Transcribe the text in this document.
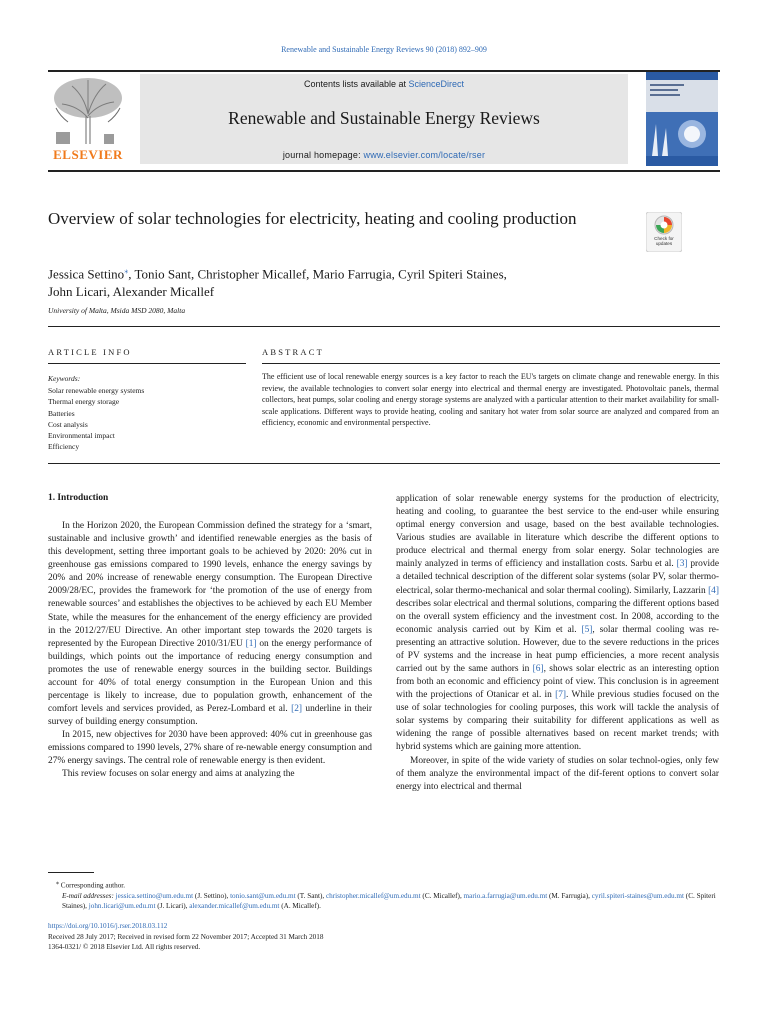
Renewable and Sustainable Energy Reviews 90 (2018) 892–909
ELSEVIER
Contents lists available at ScienceDirect
Renewable and Sustainable Energy Reviews
journal homepage: www.elsevier.com/locate/rser
Overview of solar technologies for electricity, heating and cooling production
Check for
updates
Jessica Settino⁎, Tonio Sant, Christopher Micallef, Mario Farrugia, Cyril Spiteri Staines,
John Licari, Alexander Micallef
University of Malta, Msida MSD 2080, Malta
ARTICLE INFO
Keywords:
Solar renewable energy systems
Thermal energy storage
Batteries
Cost analysis
Environmental impact
Efficiency
ABSTRACT
The efficient use of local renewable energy sources is a key factor to reach the EU's targets on climate change and renewable energy. In this review, the available technologies to convert solar energy into electrical and thermal energy are investigated. Photovoltaic panels, thermal collectors, heat pumps, solar cooling and energy storage systems are analyzed with a particular attention to their market availability for small-scale applications. Different ways to provide heating, cooling and sanitary hot water from solar source are analyzed and compared from an efficiency, economic and environmental perspective.
1. Introduction

In the Horizon 2020, the European Commission defined the strategy for a ‘smart, sustainable and inclusive growth’ and identified renewable energies as the basis of this development, setting three important goals to be achieved by 2020: 20% cut in greenhouse gas emissions compared to 1990 levels, enhance the energy savings by 20% and 20% increase of renewable energy consumption. The European Directive 2009/28/EC, provides the framework for ‘the promotion of the use of energy from renewable sources’ and establishes the objectives to be achieved by each EU Member State, while the measures for the enhancement of the energy efficiency are provided in the 2012/27/EU Directive. An other important step towards the 2020 targets is represented by the European Directive 2010/31/EU [1] on the energy performance of buildings, which points out the importance of reducing energy consumption and promotes the use of renewable energy sources in the building sector. Buildings account for 40% of total energy consumption in the European Union and this percentage is likely to increase, due to population growth, enhancement of the comfort levels and services provided, as Perez-Lombard et al. [2] underline in their survey of building energy consumption.

In 2015, new objectives for 2030 have been approved: 40% cut in greenhouse gas emissions compared to 1990 levels, 27% share of re-newable energy consumption and 27% energy savings. The central role of renewable energy is then evident.

This review focuses on solar energy and aims at analyzing the

application of solar renewable energy systems for the production of electricity, heating and cooling, to guarantee the best service to the end-user while ensuring optimal energy conversion and usage, based on the best available technologies. Various studies are available in literature which describe the different options to produce electrical and thermal energy from solar energy. Solar technologies are mainly analyzed in terms of efficiency and installation costs. Sarbu et al. [3] provide a detailed technical description of the different solar systems (solar PV, solar thermo-electrical, solar thermo-mechanical and solar thermal cooling). Similarly, Lazzarin [4] describes solar electrical and thermal solutions, comparing the different options based on the overall system efficiency and the investment cost. In 2008, according to the economic analysis carried out by Kim et al. [5], solar thermal cooling was re-presenting an attractive solution. However, due to the severe reductions in the prices of PV systems and the increase in heat pump efficiencies, a more recent analysis carried out by the same authors in [6], shows solar electric as an interesting option from both an economic and efficiency point of view. This conclusion is in agreement with the projections of Otanicar et al. in [7]. While previous studies focused on the use of solar technologies for cooling purposes, this work will tackle the analysis of solar systems by comparing their suitability for different applications as well as widening the range of possible alternatives based on recent market trends; with hybrid systems which are gaining more attention.

Moreover, in spite of the wide variety of studies on solar technol-ogies, only few of them analyze the environmental impact of the dif-ferent options to convert solar energy into electrical and thermal

⁎ Corresponding author.

E-mail addresses: jessica.settino@um.edu.mt (J. Settino), tonio.sant@um.edu.mt (T. Sant), christopher.micallef@um.edu.mt (C. Micallef), mario.a.farrugia@um.edu.mt (M. Farrugia), cyril.spiteri-staines@um.edu.mt (C. Spiteri Staines), john.licari@um.edu.mt (J. Licari), alexander.micallef@um.edu.mt (A. Micallef).

https://doi.org/10.1016/j.rser.2018.03.112
Received 28 July 2017; Received in revised form 22 November 2017; Accepted 31 March 2018
1364-0321/ © 2018 Elsevier Ltd. All rights reserved.
